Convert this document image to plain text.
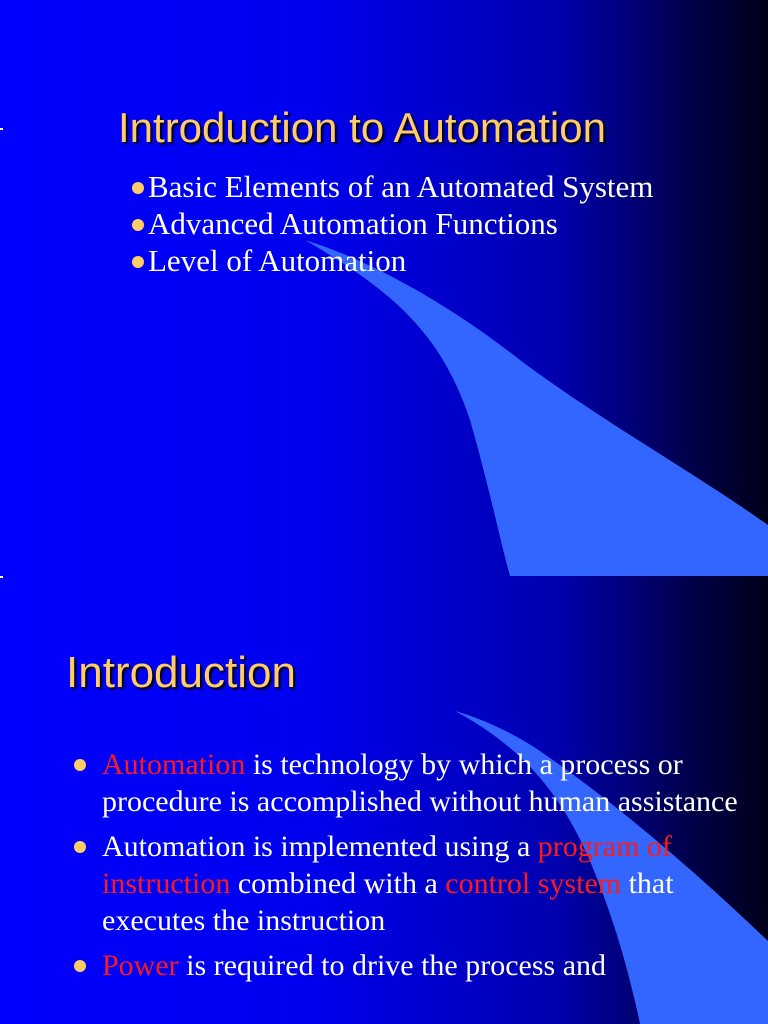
Introduction to Automation
Basic Elements of an Automated System
Advanced Automation Functions
Level of Automation
Introduction
Automation is technology by which a process or procedure is accomplished without human assistance
Automation is implemented using a program of instruction combined with a control system that executes the instruction
Power is required to drive the process and
